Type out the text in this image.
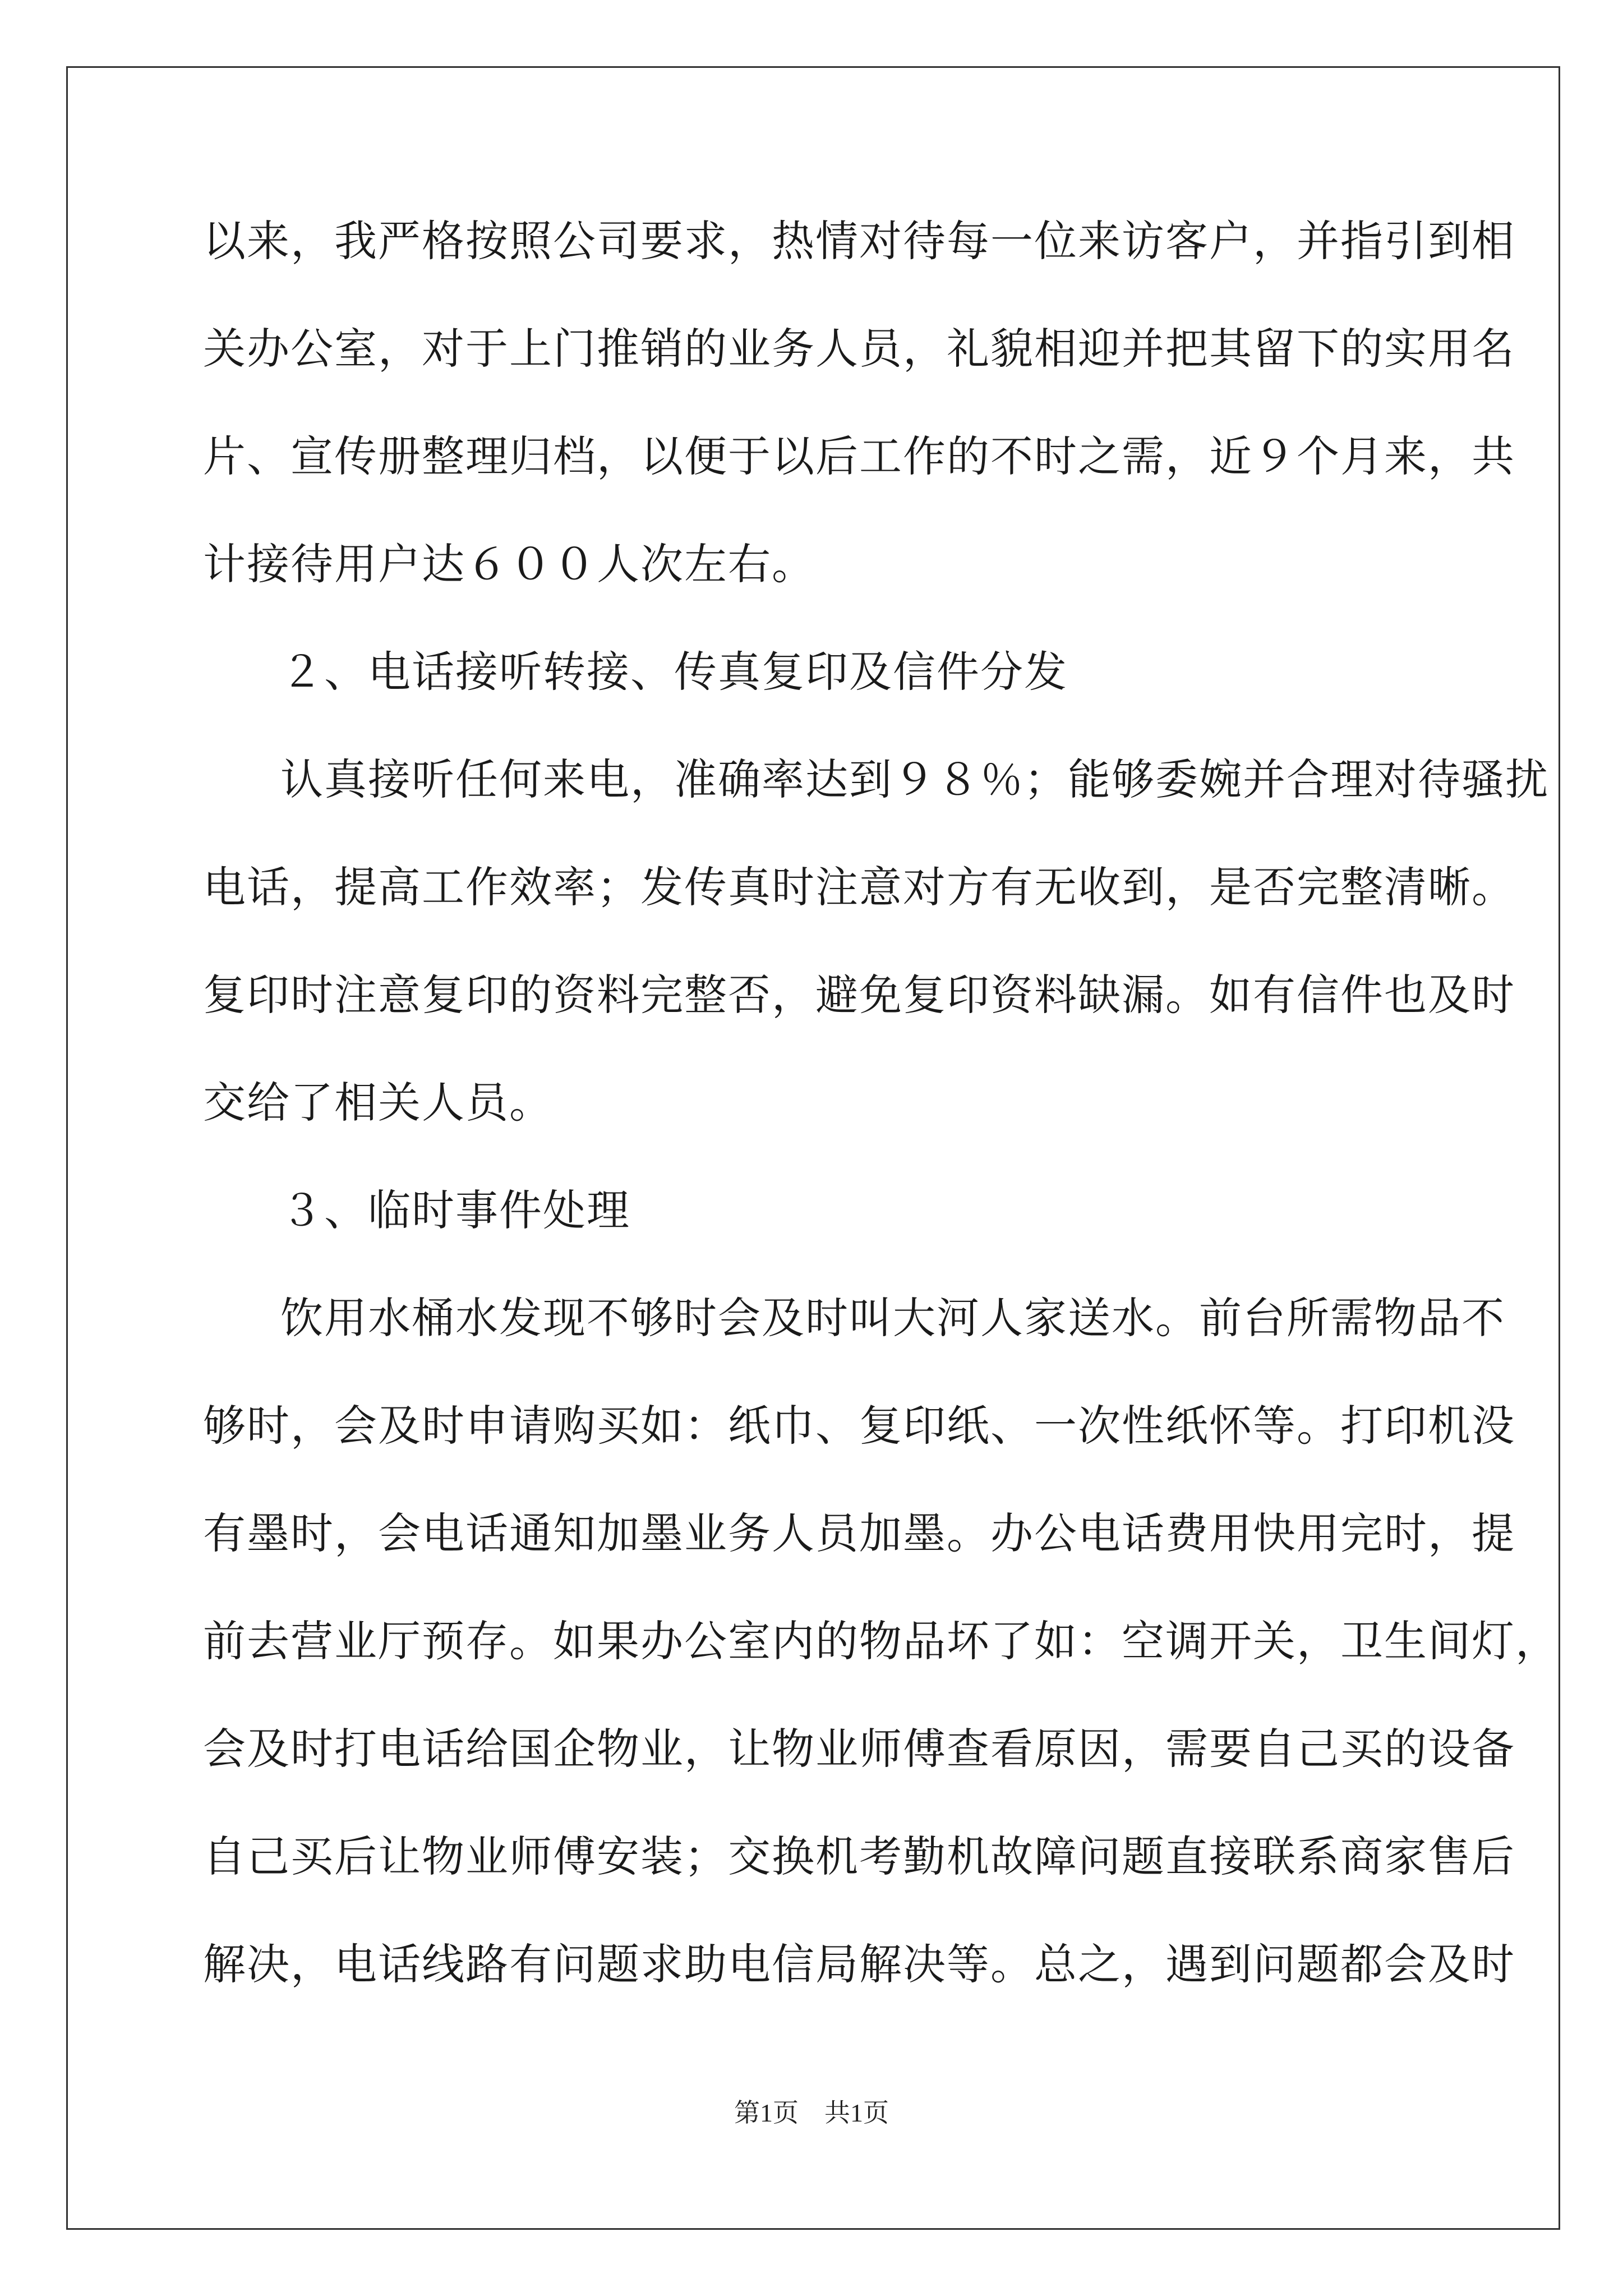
以来，我严格按照公司要求，热情对待每一位来访客户，并指引到相
关办公室，对于上门推销的业务人员，礼貌相迎并把其留下的实用名
片、宣传册整理归档，以便于以后工作的不时之需，近９个月来，共
计接待用户达６００人次左右。
２、电话接听转接、传真复印及信件分发
认真接听任何来电，准确率达到９８％；能够委婉并合理对待骚扰
电话，提高工作效率；发传真时注意对方有无收到，是否完整清晰。
复印时注意复印的资料完整否，避免复印资料缺漏。如有信件也及时
交给了相关人员。
３、临时事件处理
饮用水桶水发现不够时会及时叫大河人家送水。前台所需物品不
够时，会及时申请购买如：纸巾、复印纸、一次性纸怀等。打印机没
有墨时，会电话通知加墨业务人员加墨。办公电话费用快用完时，提
前去营业厅预存。如果办公室内的物品坏了如：空调开关，卫生间灯，
会及时打电话给国企物业，让物业师傅查看原因，需要自己买的设备
自己买后让物业师傅安装；交换机考勤机故障问题直接联系商家售后
解决，电话线路有问题求助电信局解决等。总之，遇到问题都会及时
第1页　共1页
